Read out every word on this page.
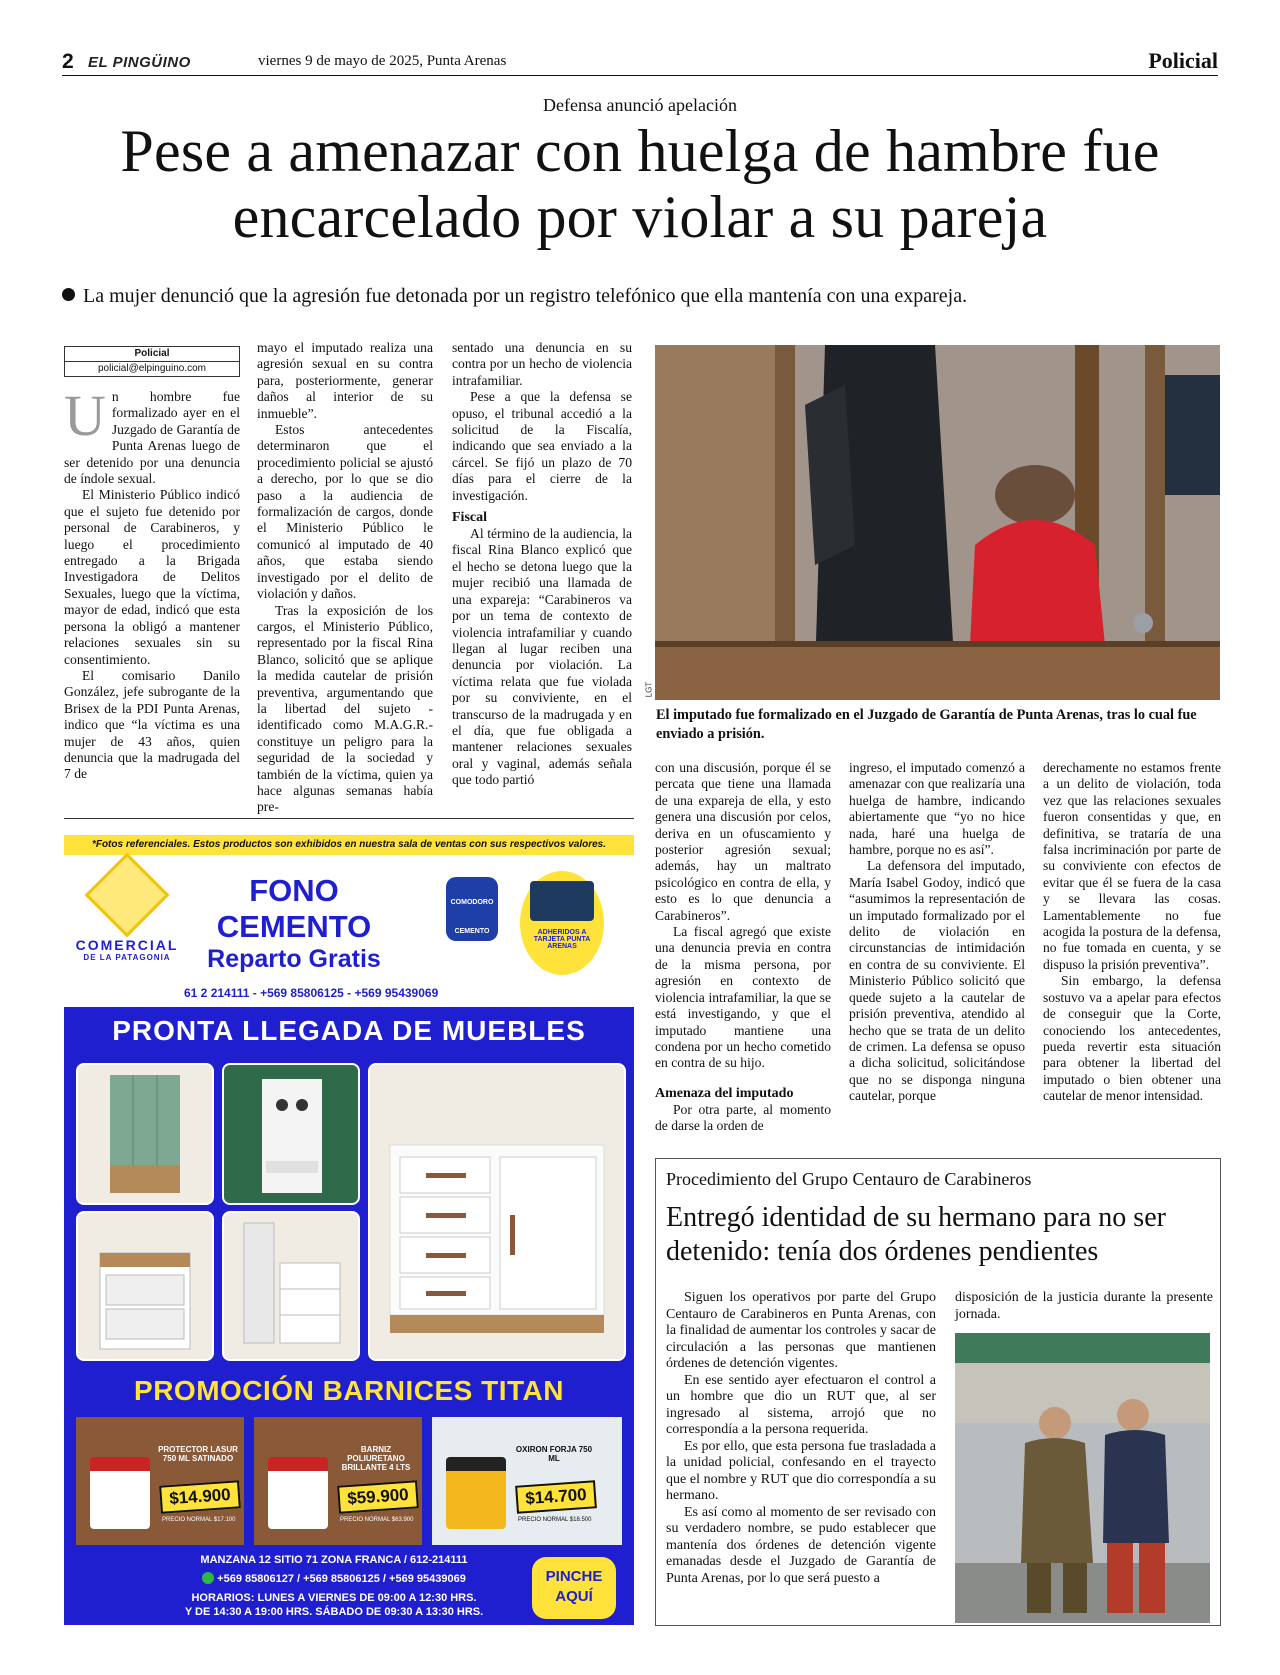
2 EL PINGÜINO	viernes 9 de mayo de 2025, Punta Arenas	Policial
Defensa anunció apelación
Pese a amenazar con huelga de hambre fue encarcelado por violar a su pareja
La mujer denunció que la agresión fue detonada por un registro telefónico que ella mantenía con una expareja.
Policial
policial@elpinguino.com

Un hombre fue formalizado ayer en el Juzgado de Garantía de Punta Arenas luego de ser detenido por una denuncia de índole sexual.

El Ministerio Público indicó que el sujeto fue detenido por personal de Carabineros, y luego el procedimiento entregado a la Brigada Investigadora de Delitos Sexuales, luego que la víctima, mayor de edad, indicó que esta persona la obligó a mantener relaciones sexuales sin su consentimiento.

El comisario Danilo González, jefe subrogante de la Brisex de la PDI Punta Arenas, indico que “la víctima es una mujer de 43 años, quien denuncia que la madrugada del 7 de

mayo el imputado realiza una agresión sexual en su contra para, posteriormente, generar daños al interior de su inmueble”.

Estos antecedentes determinaron que el procedimiento policial se ajustó a derecho, por lo que se dio paso a la audiencia de formalización de cargos, donde el Ministerio Público le comunicó al imputado de 40 años, que estaba siendo investigado por el delito de violación y daños.

Tras la exposición de los cargos, el Ministerio Público, representado por la fiscal Rina Blanco, solicitó que se aplique la medida cautelar de prisión preventiva, argumentando que la libertad del sujeto -identificado como M.A.G.R.- constituye un peligro para la seguridad de la sociedad y también de la víctima, quien ya hace algunas semanas había pre-

sentado una denuncia en su contra por un hecho de violencia intrafamiliar.

Pese a que la defensa se opuso, el tribunal accedió a la solicitud de la Fiscalía, indicando que sea enviado a la cárcel. Se fijó un plazo de 70 días para el cierre de la investigación.

Fiscal

Al término de la audiencia, la fiscal Rina Blanco explicó que el hecho se detona luego que la mujer recibió una llamada de una expareja: “Carabineros va por un tema de contexto de violencia intrafamiliar y cuando llegan al lugar reciben una denuncia por violación. La víctima relata que fue violada por su conviviente, en el transcurso de la madrugada y en el día, que fue obligada a mantener relaciones sexuales oral y vaginal, además señala que todo partió

LGT
El imputado fue formalizado en el Juzgado de Garantía de Punta Arenas, tras lo cual fue enviado a prisión.

con una discusión, porque él se percata que tiene una llamada de una expareja de ella, y esto genera una discusión por celos, deriva en un ofuscamiento y posterior agresión sexual; además, hay un maltrato psicológico en contra de ella, y esto es lo que denuncia a Carabineros”.

La fiscal agregó que existe una denuncia previa en contra de la misma persona, por agresión en contexto de violencia intrafamiliar, la que se está investigando, y que el imputado mantiene una condena por un hecho cometido en contra de su hijo.

Amenaza del imputado

Por otra parte, al momento de darse la orden de

ingreso, el imputado comenzó a amenazar con que realizaría una huelga de hambre, indicando abiertamente que “yo no hice nada, haré una huelga de hambre, porque no es así”.

La defensora del imputado, María Isabel Godoy, indicó que “asumimos la representación de un imputado formalizado por el delito de violación en circunstancias de intimidación en contra de su conviviente. El Ministerio Público solicitó que quede sujeto a la cautelar de prisión preventiva, atendido al hecho que se trata de un delito de crimen. La defensa se opuso a dicha solicitud, solicitándose que no se disponga ninguna cautelar, porque

derechamente no estamos frente a un delito de violación, toda vez que las relaciones sexuales fueron consentidas y que, en definitiva, se trataría de una falsa incriminación por parte de su conviviente con efectos de evitar que él se fuera de la casa y se llevara las cosas. Lamentablemente no fue acogida la postura de la defensa, no fue tomada en cuenta, y se dispuso la prisión preventiva”.

Sin embargo, la defensa sostuvo va a apelar para efectos de conseguir que la Corte, conociendo los antecedentes, pueda revertir esta situación para obtener la libertad del imputado o bien obtener una cautelar de menor intensidad.

*Fotos referenciales. Estos productos son exhibidos en nuestra sala de ventas con sus respectivos valores.
COMERCIAL
DE LA PATAGONIA
FONO CEMENTO
Reparto Gratis
61 2 214111 - +569 858061​25 - +569 95439069
COMODORO
CEMENTO	ADHERIDOS A TARJETA PUNTA ARENAS
PRONTA LLEGADA DE MUEBLES
PROMOCIÓN BARNICES TITAN
PROTECTOR LASUR 750 ML SATINADO
$14.900
PRECIO NORMAL $17.100
BARNIZ POLIURETANO BRILLANTE 4 LTS
$59.900
PRECIO NORMAL $63.900
OXIRON FORJA 750 ML
$14.700
PRECIO NORMAL $18.500
MANZANA 12 SITIO 71 ZONA FRANCA / 612-214111
+569 85806127 / +569 85806125 / +569 95439069
HORARIOS: LUNES A VIERNES DE 09:00 A 12:30 HRS.
Y DE 14:30 A 19:00 HRS. SÁBADO DE 09:30 A 13:30 HRS.
PINCHE AQUÍ
Procedimiento del Grupo Centauro de Carabineros
Entregó identidad de su hermano para no ser detenido: tenía dos órdenes pendientes

Siguen los operativos por parte del Grupo Centauro de Carabineros en Punta Arenas, con la finalidad de aumentar los controles y sacar de circulación a las personas que mantienen órdenes de detención vigentes.

En ese sentido ayer efectuaron el control a un hombre que dio un RUT que, al ser ingresado al sistema, arrojó que no correspondía a la persona requerida.

Es por ello, que esta persona fue trasladada a la unidad policial, confesando en el trayecto que el nombre y RUT que dio correspondía a su hermano.

Es así como al momento de ser revisado con su verdadero nombre, se pudo establecer que mantenía dos órdenes de detención vigente emanadas desde el Juzgado de Garantía de Punta Arenas, por lo que será puesto a

disposición de la justicia durante la presente jornada.
